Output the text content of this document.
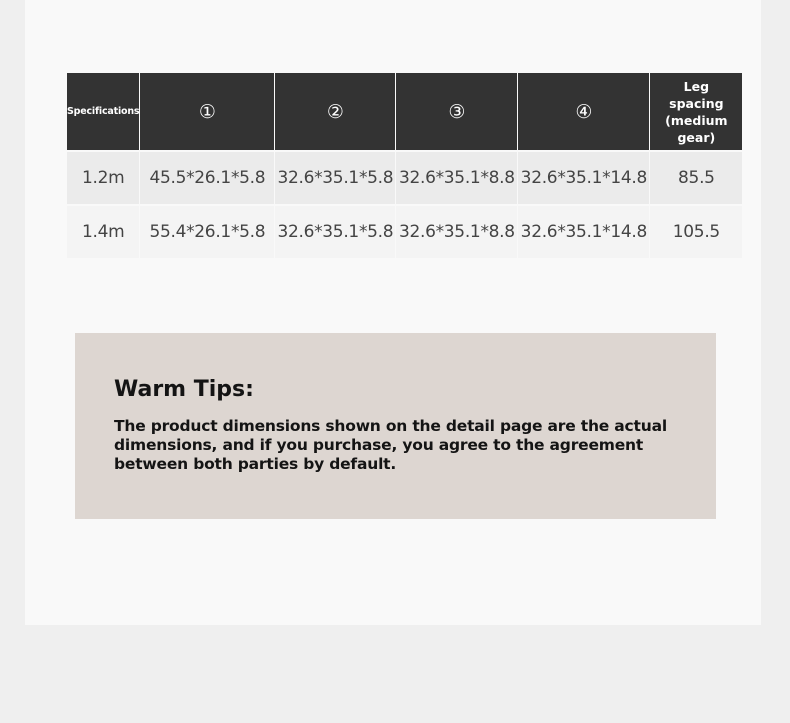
Specifications	①	②	③	④	Leg spacing (medium gear)
1.2m	45.5*26.1*5.8	32.6*35.1*5.8	32.6*35.1*8.8	32.6*35.1*14.8	85.5
1.4m	55.4*26.1*5.8	32.6*35.1*5.8	32.6*35.1*8.8	32.6*35.1*14.8	105.5
Warm Tips:

The product dimensions shown on the detail page are the actual dimensions, and if you purchase, you agree to the agreement between both parties by default.
